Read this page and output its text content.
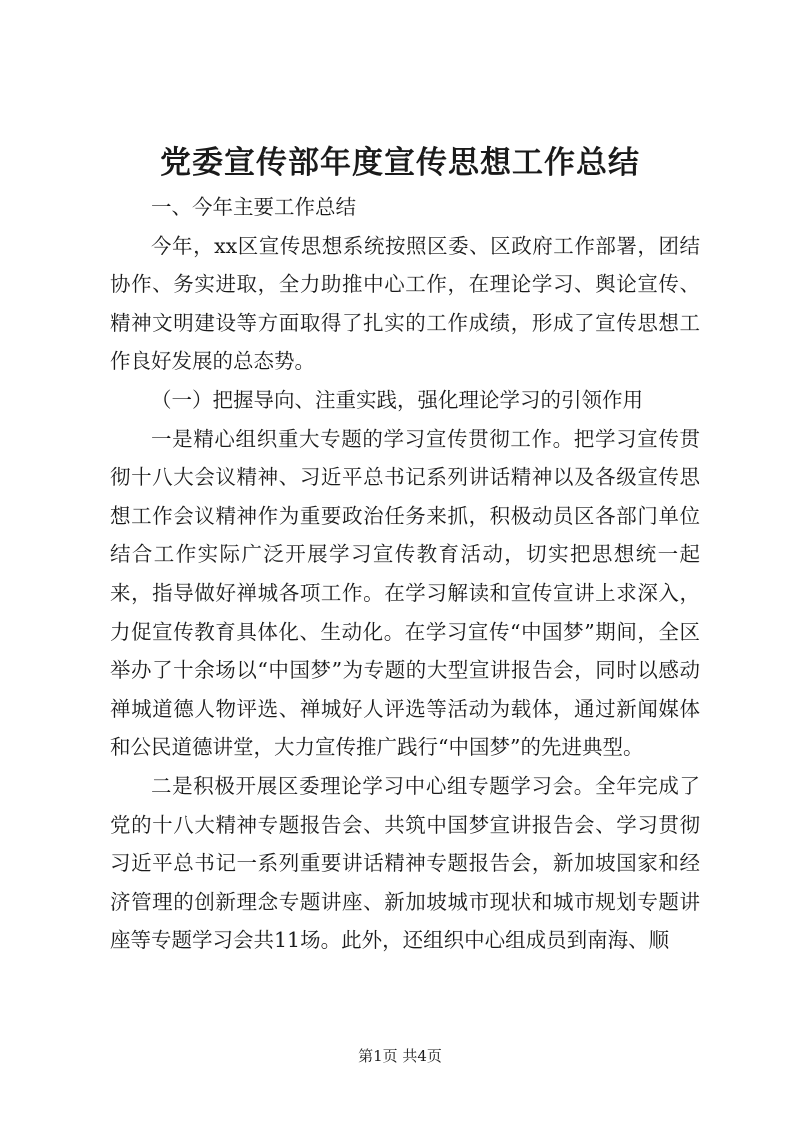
党委宣传部年度宣传思想工作总结

一、今年主要工作总结

今年，xx区宣传思想系统按照区委、区政府工作部署，团结协作、务实进取，全力助推中心工作，在理论学习、舆论宣传、精神文明建设等方面取得了扎实的工作成绩，形成了宣传思想工作良好发展的总态势。

（一）把握导向、注重实践，强化理论学习的引领作用

一是精心组织重大专题的学习宣传贯彻工作。把学习宣传贯彻十八大会议精神、习近平总书记系列讲话精神以及各级宣传思想工作会议精神作为重要政治任务来抓，积极动员区各部门单位结合工作实际广泛开展学习宣传教育活动，切实把思想统一起来，指导做好禅城各项工作。在学习解读和宣传宣讲上求深入，力促宣传教育具体化、生动化。在学习宣传“中国梦”期间，全区举办了十余场以“中国梦”为专题的大型宣讲报告会，同时以感动禅城道德人物评选、禅城好人评选等活动为载体，通过新闻媒体和公民道德讲堂，大力宣传推广践行“中国梦”的先进典型。

二是积极开展区委理论学习中心组专题学习会。全年完成了党的十八大精神专题报告会、共筑中国梦宣讲报告会、学习贯彻习近平总书记一系列重要讲话精神专题报告会，新加坡国家和经济管理的创新理念专题讲座、新加坡城市现状和城市规划专题讲座等专题学习会共11场。此外，还组织中心组成员到南海、顺

第1页 共4页
